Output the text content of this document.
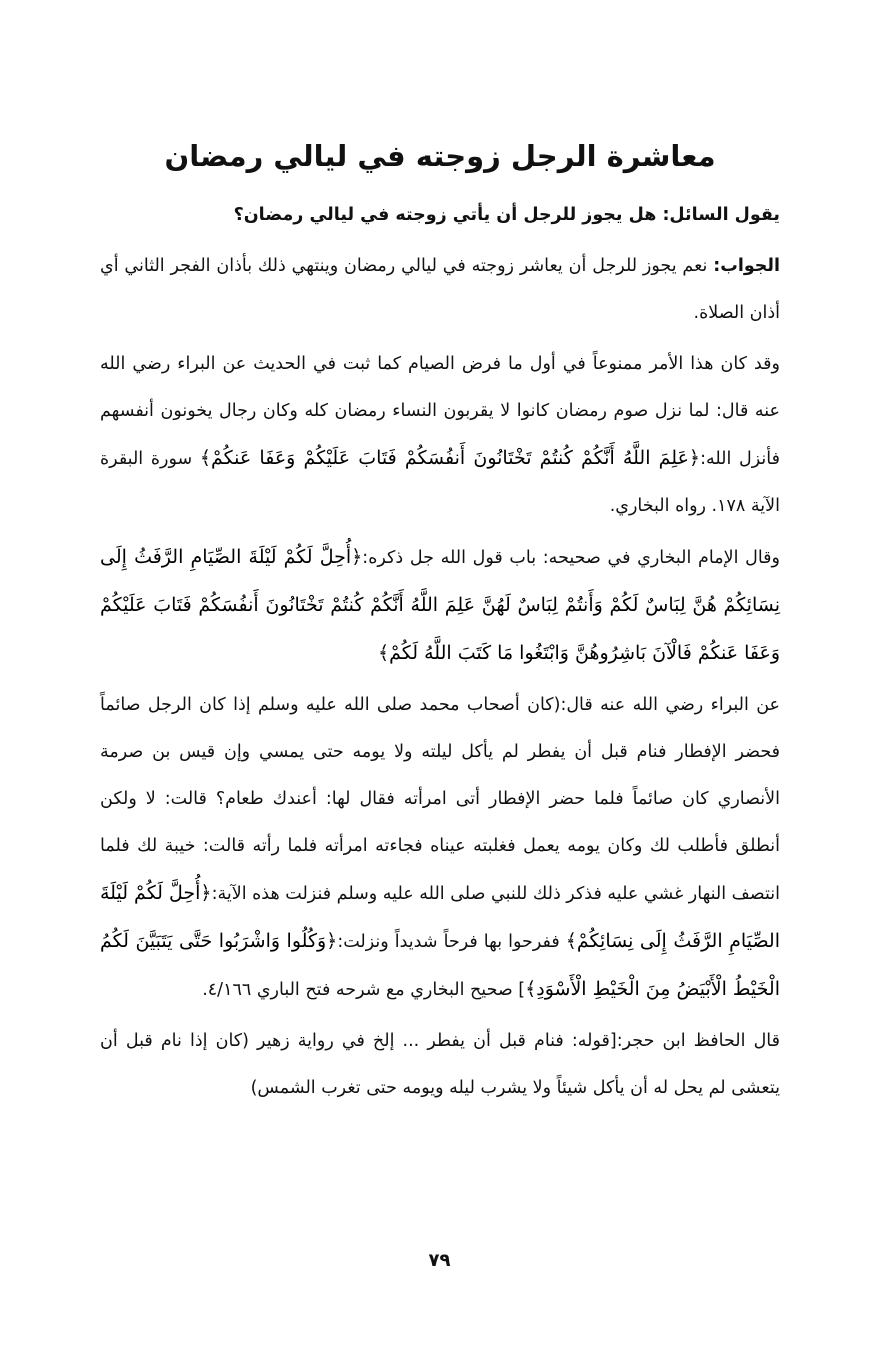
معاشرة الرجل زوجته في ليالي رمضان

يقول السائل: هل يجوز للرجل أن يأتي زوجته في ليالي رمضان؟

الجواب: نعم يجوز للرجل أن يعاشر زوجته في ليالي رمضان وينتهي ذلك بأذان الفجر الثاني أي أذان الصلاة.

وقد كان هذا الأمر ممنوعاً في أول ما فرض الصيام كما ثبت في الحديث عن البراء رضي الله عنه قال: لما نزل صوم رمضان كانوا لا يقربون النساء رمضان كله وكان رجال يخونون أنفسهم فأنزل الله:﴿عَلِمَ اللَّهُ أَنَّكُمْ كُنتُمْ تَخْتَانُونَ أَنفُسَكُمْ فَتَابَ عَلَيْكُمْ وَعَفَا عَنكُمْ﴾ سورة البقرة الآية ١٧٨. رواه البخاري.

وقال الإمام البخاري في صحيحه: باب قول الله جل ذكره:﴿أُحِلَّ لَكُمْ لَيْلَةَ الصِّيَامِ الرَّفَثُ إِلَى نِسَائِكُمْ هُنَّ لِبَاسٌ لَكُمْ وَأَنتُمْ لِبَاسٌ لَهُنَّ عَلِمَ اللَّهُ أَنَّكُمْ كُنتُمْ تَخْتَانُونَ أَنفُسَكُمْ فَتَابَ عَلَيْكُمْ وَعَفَا عَنكُمْ فَالْآنَ بَاشِرُوهُنَّ وَابْتَغُوا مَا كَتَبَ اللَّهُ لَكُمْ﴾

عن البراء رضي الله عنه قال:(كان أصحاب محمد صلى الله عليه وسلم إذا كان الرجل صائماً فحضر الإفطار فنام قبل أن يفطر لم يأكل ليلته ولا يومه حتى يمسي وإن قيس بن صرمة الأنصاري كان صائماً فلما حضر الإفطار أتى امرأته فقال لها: أعندك طعام؟ قالت: لا ولكن أنطلق فأطلب لك وكان يومه يعمل فغلبته عيناه فجاءته امرأته فلما رأته قالت: خيبة لك فلما انتصف النهار غشي عليه فذكر ذلك للنبي صلى الله عليه وسلم فنزلت هذه الآية:﴿أُحِلَّ لَكُمْ لَيْلَةَ الصِّيَامِ الرَّفَثُ إِلَى نِسَائِكُمْ﴾ ففرحوا بها فرحاً شديداً ونزلت:﴿وَكُلُوا وَاشْرَبُوا حَتَّى يَتَبَيَّنَ لَكُمُ الْخَيْطُ الْأَبْيَضُ مِنَ الْخَيْطِ الْأَسْوَدِ﴾] صحيح البخاري مع شرحه فتح الباري ٤/١٦٦.

قال الحافظ ابن حجر:[قوله: فنام قبل أن يفطر ... إلخ في رواية زهير (كان إذا نام قبل أن يتعشى لم يحل له أن يأكل شيئاً ولا يشرب ليله ويومه حتى تغرب الشمس)

٧٩
